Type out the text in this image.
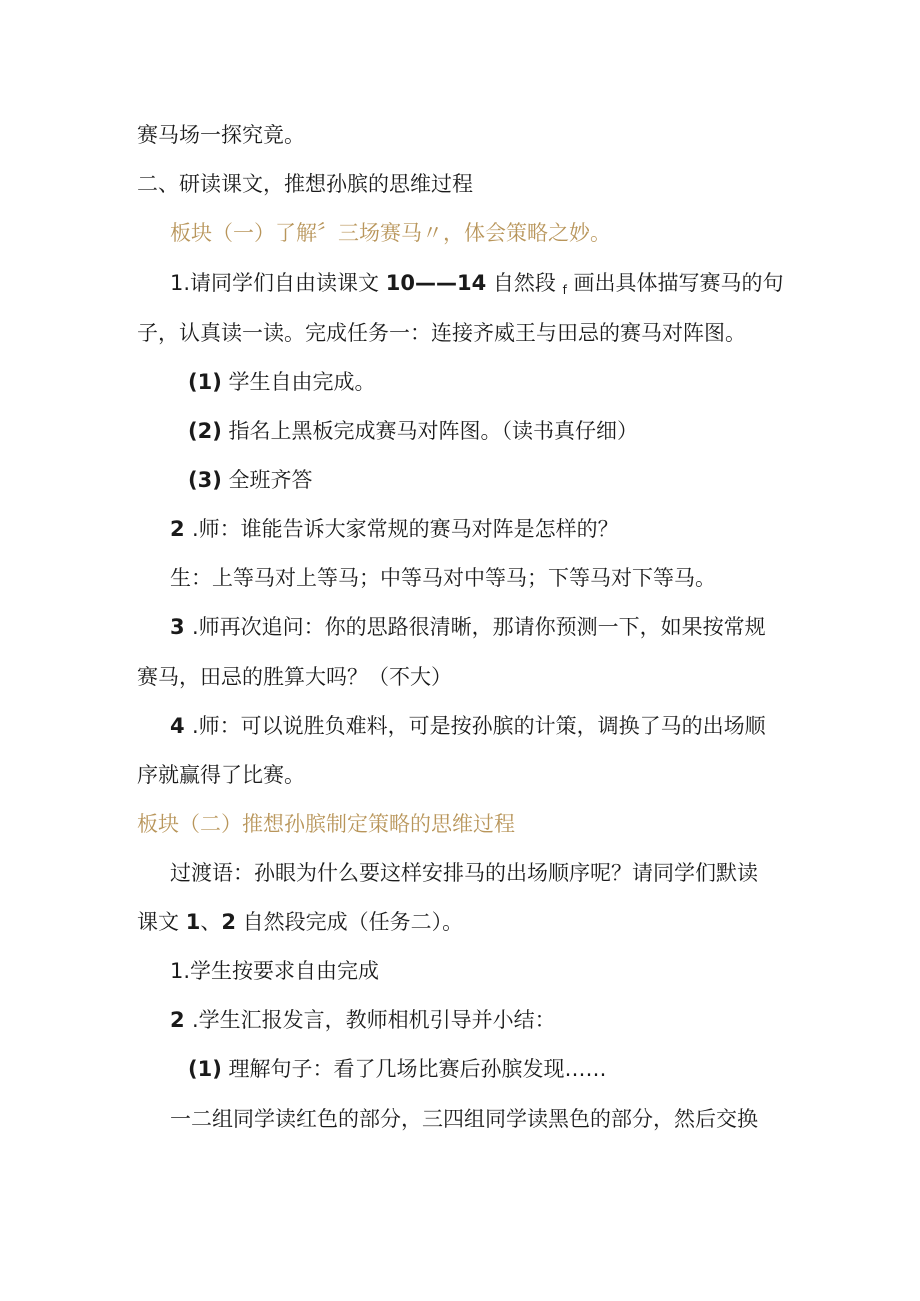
赛马场一探究竟。
二、研读课文，推想孙膑的思维过程
板块（一）了解〞三场赛马〃，体会策略之妙。
1.请同学们自由读课文 10——14 自然段 f 画出具体描写赛马的句
子，认真读一读。完成任务一：连接齐威王与田忌的赛马对阵图。
(1) 学生自由完成。
(2) 指名上黑板完成赛马对阵图。（读书真仔细）
(3) 全班齐答
2 .师：谁能告诉大家常规的赛马对阵是怎样的？
生：上等马对上等马；中等马对中等马；下等马对下等马。
3 .师再次追问：你的思路很清晰，那请你预测一下，如果按常规
赛马，田忌的胜算大吗？（不大）
4 .师：可以说胜负难料，可是按孙膑的计策，调换了马的出场顺
序就赢得了比赛。
板块（二）推想孙膑制定策略的思维过程
过渡语：孙眼为什么要这样安排马的出场顺序呢？请同学们默读
课文 1、2 自然段完成（任务二）。
1.学生按要求自由完成
2 .学生汇报发言，教师相机引导并小结：
(1) 理解句子：看了几场比赛后孙膑发现……
一二组同学读红色的部分，三四组同学读黑色的部分，然后交换
